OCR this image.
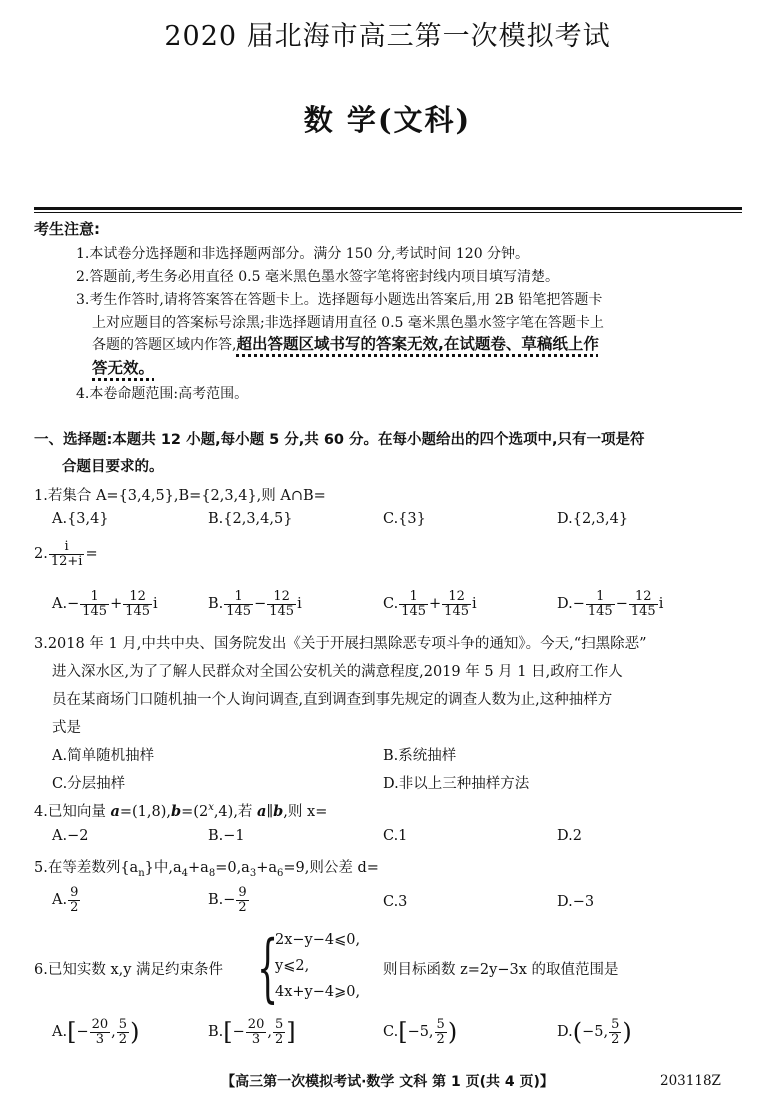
2020 届北海市高三第一次模拟考试
数 学(文科)
考生注意:
1.本试卷分选择题和非选择题两部分。满分 150 分,考试时间 120 分钟。
2.答题前,考生务必用直径 0.5 毫米黑色墨水签字笔将密封线内项目填写清楚。
3.考生作答时,请将答案答在答题卡上。选择题每小题选出答案后,用 2B 铅笔把答题卡
上对应题目的答案标号涂黑;非选择题请用直径 0.5 毫米黑色墨水签字笔在答题卡上
各题的答题区域内作答,超出答题区域书写的答案无效,在试题卷、草稿纸上作
答无效。
4.本卷命题范围:高考范围。
一、选择题:本题共 12 小题,每小题 5 分,共 60 分。在每小题给出的四个选项中,只有一项是符
合题目要求的。
1.若集合 A={3,4,5},B={2,3,4},则 A∩B=
A.{3,4}	B.{2,3,4,5}	C.{3}	D.{2,3,4}
2. $\frac{i}{12+i}$ =
$A.- \frac{1}{145} + \frac{12}{145}$ i	B. $\frac{1}{145} - \frac{12}{145}$ i	C. $\frac{1}{145} + \frac{12}{145}$ i	$D.- \frac{1}{145} - \frac{12}{145}$ i
3.2018 年 1 月,中共中央、国务院发出《关于开展扫黑除恶专项斗争的通知》。今天,“扫黑除恶”
进入深水区,为了了解人民群众对全国公安机关的满意程度,2019 年 5 月 1 日,政府工作人
员在某商场门口随机抽一个人询问调查,直到调查到事先规定的调查人数为止,这种抽样方
式是
A.简单随机抽样	B.系统抽样
C.分层抽样	D.非以上三种抽样方法
4.已知向量 $a=(1,8),b=(2^x,4)$,若 a∥b,则 x=
A.−2	B.−1	C.1	D.2
5.在等差数列$\{a_n\}$中$,a_4+a_8=0,a_3+a_6=9$,则公差 d=
A. $\frac{9}{2}$	$B.- \frac{9}{2}$	C.3	D.−3
6.已知实数 x,y 满足约束条件 {
2x−y−4⩽0,
y⩽2,
4x+y−4⩾0,
则目标函数 z=2y−3x 的取值范围是
$A.[- \frac{20}{3}$ , $\frac{5}{2}$ )	$B.[- \frac{20}{3}$ , $\frac{5}{2}$ ]	C.[−5, $\frac{5}{2}$ )	D.(−5, $\frac{5}{2}$ )
【高三第一次模拟考试·数学 文科 第 1 页(共 4 页)】	203118Z
